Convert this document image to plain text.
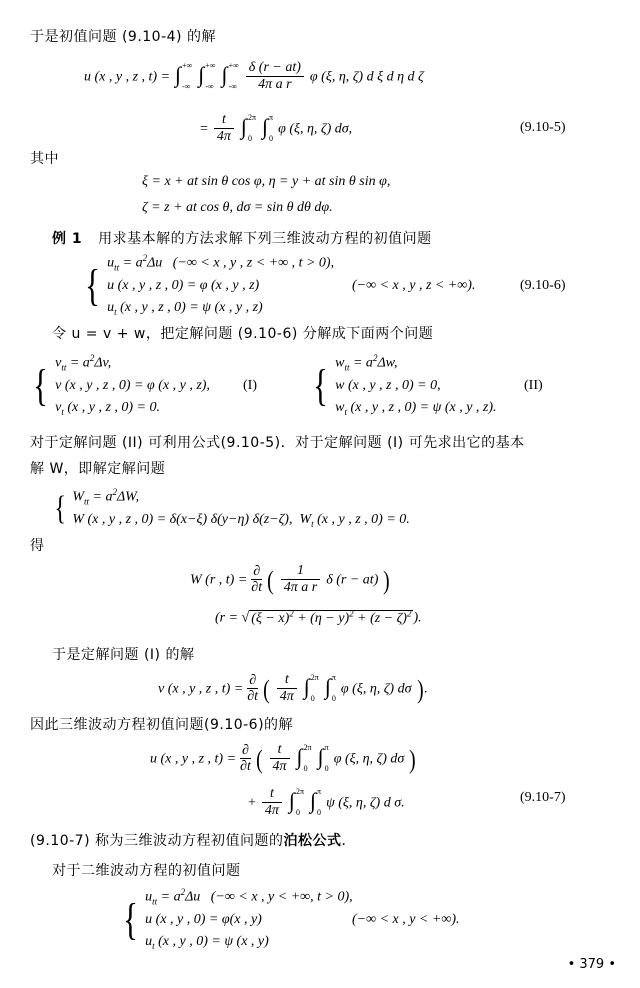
于是初值问题 (9.10-4) 的解
u (x , y , z , t) = ∫ +∞
-∞ ∫ +∞
-∞ ∫ +∞
-∞
$\frac{\delta (r - at)}{\text{4π a r}}$ φ (ξ, η, ζ) d ξ d η d ζ
= $\frac{t}{4\pi}$ ∫ 2π
0 ∫ π
0
φ (ξ, η, ζ) dσ,	(9.10-5)
其中
ξ = x + at sin θ cos φ, η = y + at sin θ sin φ,
ζ = z + at cos θ, dσ = sin θ dθ dφ.
例 1 用求基本解的方法求解下列三维波动方程的初值问题
{ $u_{tt} = a^2\Delta u$   (−∞ < x , y , z < +∞ , t > 0),
u (x , y , z , 0) = φ (x , y , z)
$u_t$ (x , y , z , 0) = ψ (x , y , z)
(−∞ < x , y , z < +∞).	(9.10-6)
令 u = v + w，把定解问题 (9.10-6) 分解成下面两个问题
{ $v_{tt} = a^2\Delta v$,
v (x , y , z , 0) = φ (x , y , z),
$v_t$ (x , y , z , 0) = 0.
(I) { $w_{tt} = a^2\Delta w$,
w (x , y , z , 0) = 0,
$w_t$ (x , y , z , 0) = ψ (x , y , z).
(II)
对于定解问题 (II) 可利用公式(9.10-5)．对于定解问题 (I) 可先求出它的基本
解 W，即解定解问题
{ $W_{tt} = a^2\Delta W$,
W (x , y , z , 0) = δ(x−ξ) δ(y−η) δ(z−ζ),  $W_t$ (x , y , z , 0) = 0.
得
W (r , $t) = \frac{\partial}{\partial t}$ ( $\frac{1}{\text{4π a r}}$ δ (r − at) )
(r = √ $(\xi - x)^2 + (\eta - y)^2 + (z - \zeta)^2$ ).
于是定解问题 (I) 的解
v (x , y , z , $t) = \frac{\partial}{\partial t}$ ( $\frac{t}{4\pi}$ ∫ 2π
0 ∫ π
0
φ (ξ, η, ζ) dσ ).
因此三维波动方程初值问题(9.10-6)的解
u (x , y , z , $t) = \frac{\partial}{\partial t}$ ( $\frac{t}{4\pi}$ ∫ 2π
0 ∫ π
0
φ (ξ, η, ζ) dσ )
+ $\frac{t}{4\pi}$ ∫ 2π
0 ∫ π
0
ψ (ξ, η, ζ) d σ.	(9.10-7)
(9.10-7) 称为三维波动方程初值问题的泊松公式．
对于二维波动方程的初值问题
{ $u_{tt} = a^2\Delta u$   (−∞ < x , y < +∞, t > 0),
u (x , y , 0) = φ(x , y)
$u_t$ (x , y , 0) = ψ (x , y)
(−∞ < x , y < +∞).
• 379 •
